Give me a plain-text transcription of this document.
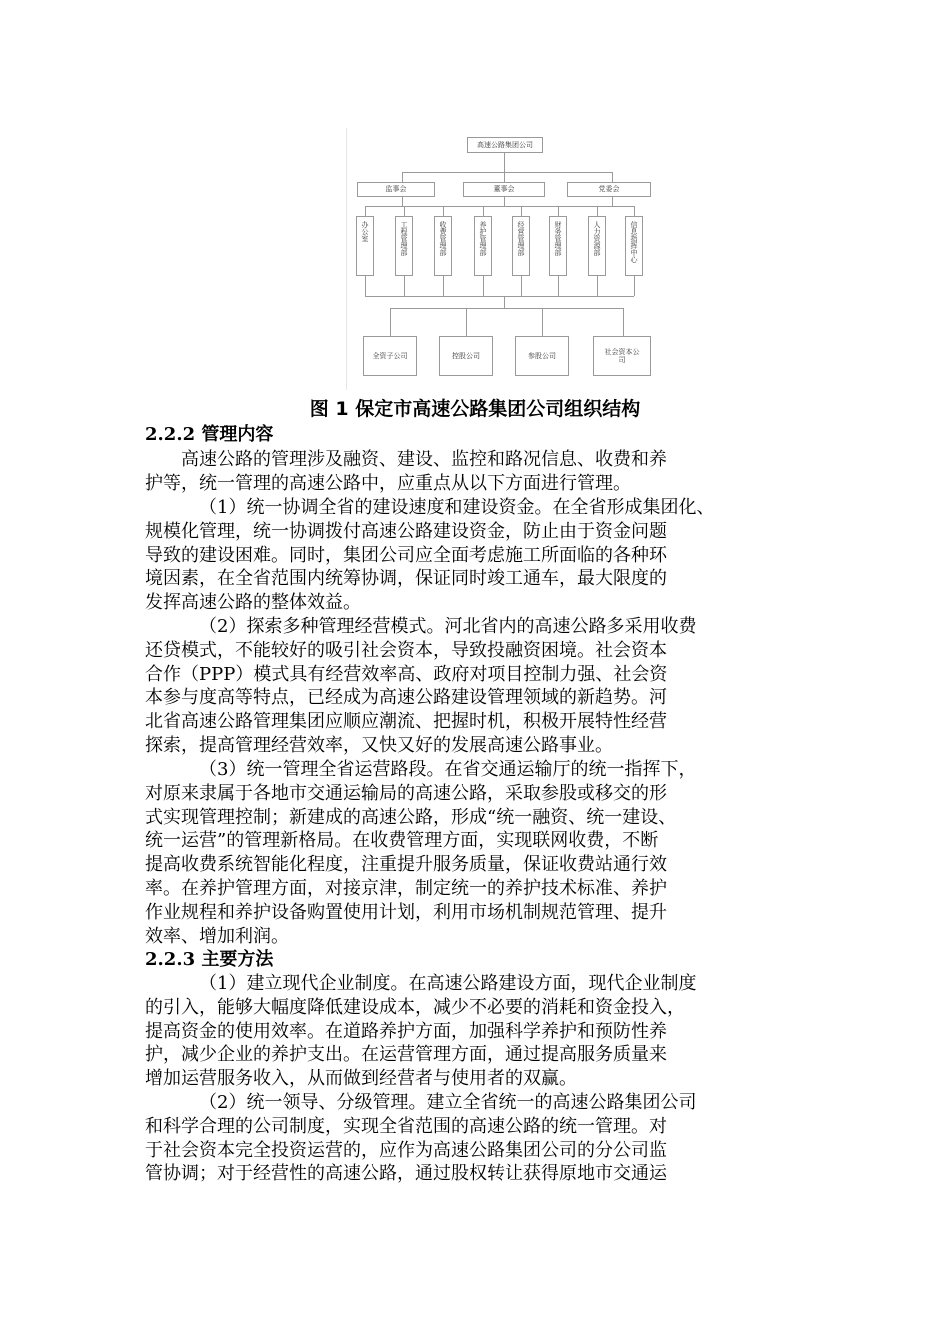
高速公路集团公司
监事会	董事会	党委会
办公室	工程管理部	收费管理部	养护管理部	经营管理部	财务管理部	人力资源部	信息指挥中心
全资子公司	控股公司	参股公司
社会资本公司

图 1 保定市高速公路集团公司组织结构

2.2.2 管理内容
高速公路的管理涉及融资、建设、监控和路况信息、收费和养
护等，统一管理的高速公路中，应重点从以下方面进行管理。
（1）统一协调全省的建设速度和建设资金。在全省形成集团化、
规模化管理，统一协调拨付高速公路建设资金，防止由于资金问题
导致的建设困难。同时，集团公司应全面考虑施工所面临的各种环
境因素，在全省范围内统筹协调，保证同时竣工通车，最大限度的
发挥高速公路的整体效益。
（2）探索多种管理经营模式。河北省内的高速公路多采用收费
还贷模式，不能较好的吸引社会资本，导致投融资困境。社会资本
合作（PPP）模式具有经营效率高、政府对项目控制力强、社会资
本参与度高等特点，已经成为高速公路建设管理领域的新趋势。河
北省高速公路管理集团应顺应潮流、把握时机，积极开展特性经营
探索，提高管理经营效率，又快又好的发展高速公路事业。
（3）统一管理全省运营路段。在省交通运输厅的统一指挥下，
对原来隶属于各地市交通运输局的高速公路，采取参股或移交的形
式实现管理控制；新建成的高速公路，形成“统一融资、统一建设、
统一运营”的管理新格局。在收费管理方面，实现联网收费，不断
提高收费系统智能化程度，注重提升服务质量，保证收费站通行效
率。在养护管理方面，对接京津，制定统一的养护技术标准、养护
作业规程和养护设备购置使用计划，利用市场机制规范管理、提升
效率、增加利润。
2.2.3 主要方法
（1）建立现代企业制度。在高速公路建设方面，现代企业制度
的引入，能够大幅度降低建设成本，减少不必要的消耗和资金投入，
提高资金的使用效率。在道路养护方面，加强科学养护和预防性养
护，减少企业的养护支出。在运营管理方面，通过提高服务质量来
增加运营服务收入，从而做到经营者与使用者的双赢。
（2）统一领导、分级管理。建立全省统一的高速公路集团公司
和科学合理的公司制度，实现全省范围的高速公路的统一管理。对
于社会资本完全投资运营的，应作为高速公路集团公司的分公司监
管协调；对于经营性的高速公路，通过股权转让获得原地市交通运
